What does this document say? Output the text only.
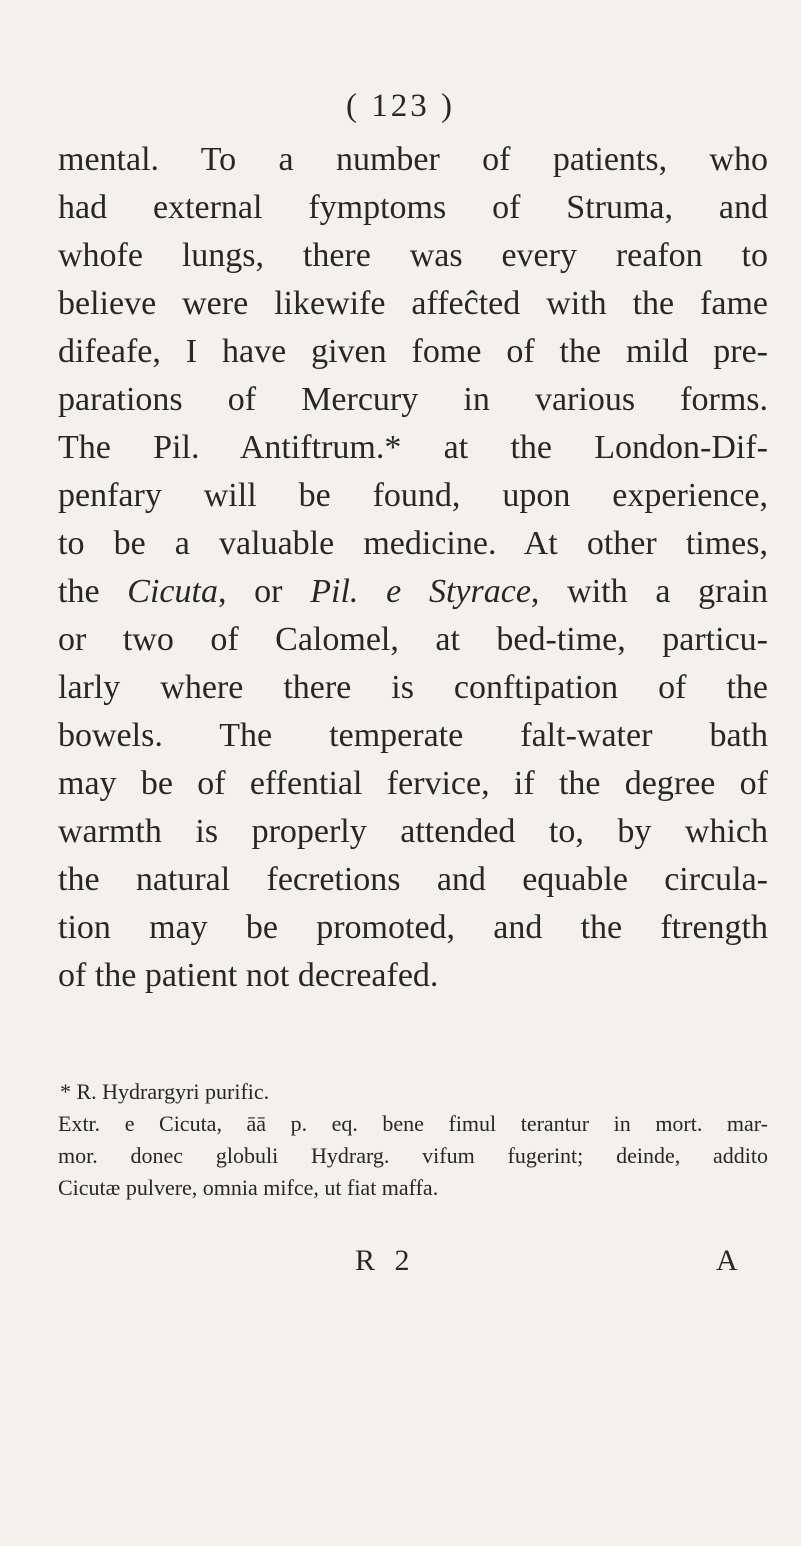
( 123 )
mental. To a number of patients, who
had external fymptoms of Struma, and
whofe lungs, there was every reafon to
believe were likewife affeĉted with the fame
difeafe, I have given fome of the mild pre-
parations of Mercury in various forms.
The Pil. Antiftrum.* at the London-Dif-
penfary will be found, upon experience,
to be a valuable medicine. At other times,
the Cicuta, or Pil. e Styrace, with a grain
or two of Calomel, at bed-time, particu-
larly where there is conftipation of the
bowels. The temperate falt-water bath
may be of effential fervice, if the degree of
warmth is properly attended to, by which
the natural fecretions and equable circula-
tion may be promoted, and the ftrength
of the patient not decreafed.
* R. Hydrargyri purific.
Extr. e Cicuta, āā p. eq. bene fimul terantur in mort. mar-
mor. donec globuli Hydrarg. vifum fugerint; deinde, addito
Cicutæ pulvere, omnia mifce, ut fiat maffa.
R 2	A
